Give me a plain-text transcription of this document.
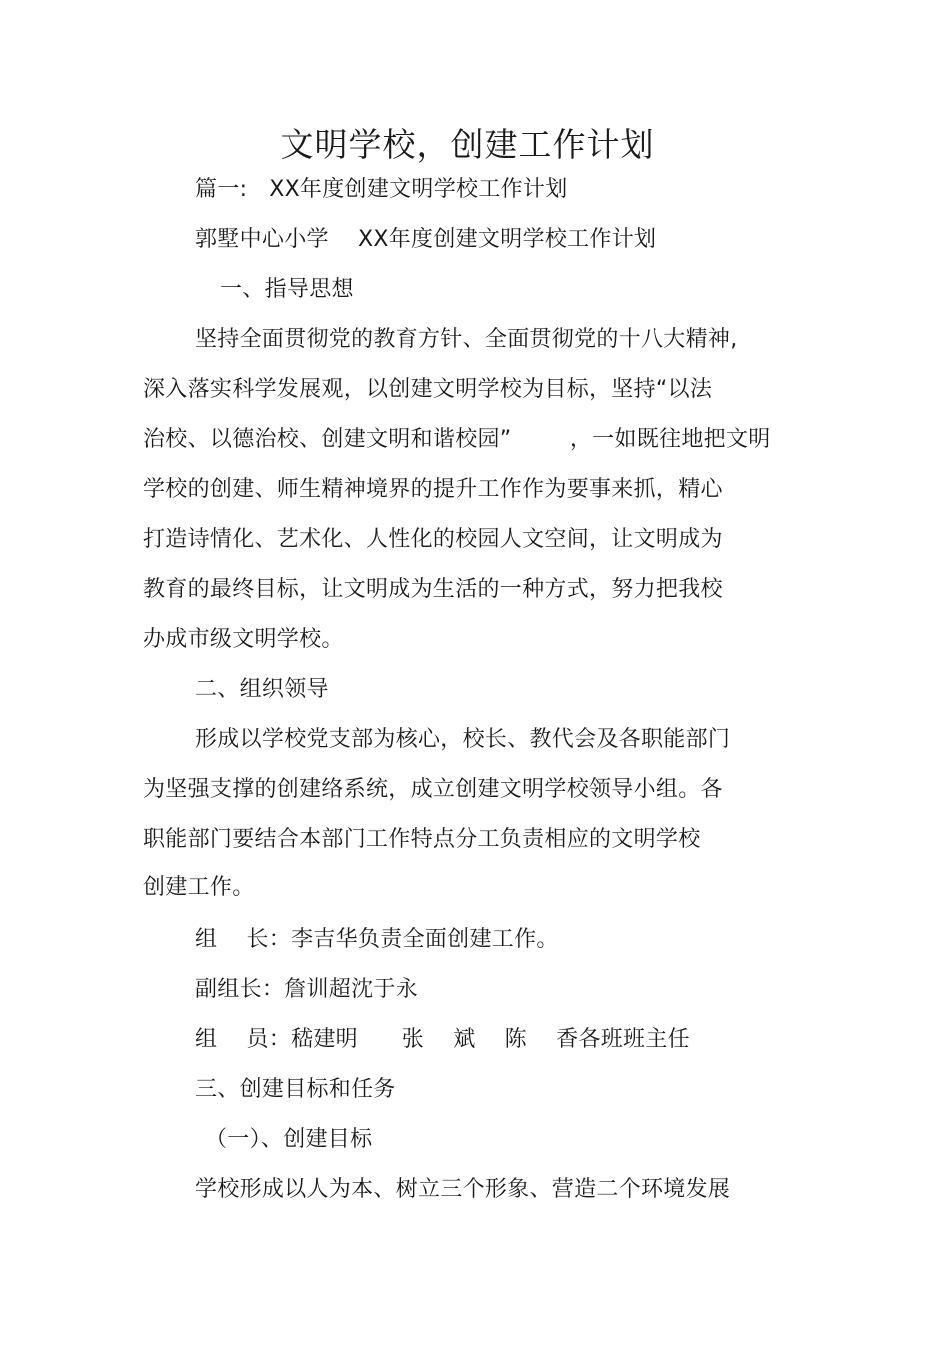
文明学校，创建工作计划
篇一:   XX年度创建文明学校工作计划
郭墅中心小学    XX年度创建文明学校工作计划
一、指导思想
坚持全面贯彻党的教育方针、全面贯彻党的十八大精神,
深入落实科学发展观，以创建文明学校为目标，坚持“以法
治校、以德治校、创建文明和谐校园”        ，一如既往地把文明
学校的创建、师生精神境界的提升工作作为要事来抓，精心
打造诗情化、艺术化、人性化的校园人文空间，让文明成为
教育的最终目标，让文明成为生活的一种方式，努力把我校
办成市级文明学校。
二、组织领导
形成以学校党支部为核心，校长、教代会及各职能部门
为坚强支撑的创建络系统，成立创建文明学校领导小组。各
职能部门要结合本部门工作特点分工负责相应的文明学校
创建工作。
组    长：李吉华负责全面创建工作。
副组长：詹训超沈于永
组    员：嵇建明      张    斌    陈    香各班班主任
三、创建目标和任务
（一）、创建目标
学校形成以人为本、树立三个形象、营造二个环境发展
